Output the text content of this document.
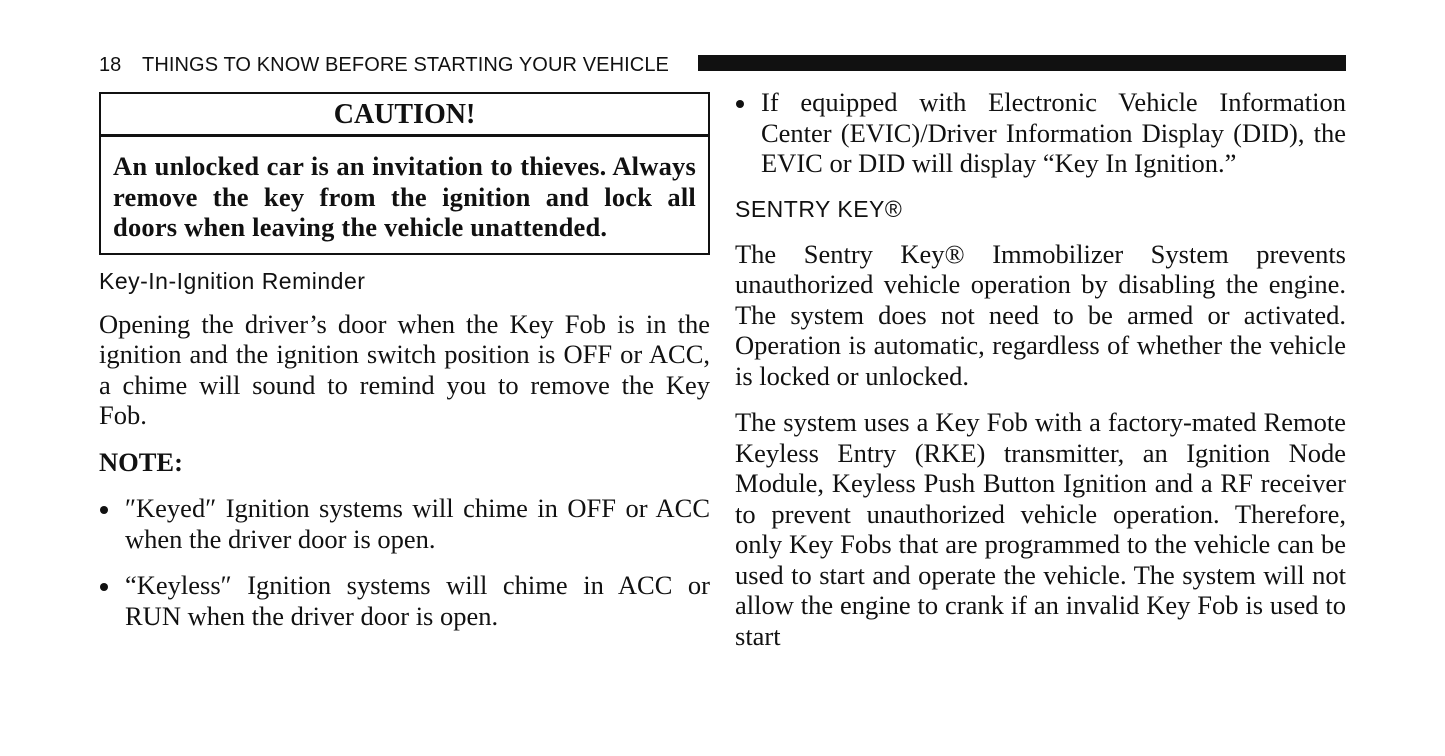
18 THINGS TO KNOW BEFORE STARTING YOUR VEHICLE
CAUTION!
An unlocked car is an invitation to thieves. Always remove the key from the ignition and lock all doors when leaving the vehicle unattended.
Key-In-Ignition Reminder

Opening the driver’s door when the Key Fob is in the ignition and the ignition switch position is OFF or ACC, a chime will sound to remind you to remove the Key Fob.

NOTE:
″Keyed″ Ignition systems will chime in OFF or ACC when the driver door is open.
“Keyless″ Ignition systems will chime in ACC or RUN when the driver door is open.
If equipped with Electronic Vehicle Information Center (EVIC)/Driver Information Display (DID), the EVIC or DID will display “Key In Ignition.”
SENTRY KEY®

The Sentry Key® Immobilizer System prevents unauthorized vehicle operation by disabling the engine. The system does not need to be armed or activated. Operation is automatic, regardless of whether the vehicle is locked or unlocked.

The system uses a Key Fob with a factory-mated Remote Keyless Entry (RKE) transmitter, an Ignition Node Module, Keyless Push Button Ignition and a RF receiver to prevent unauthorized vehicle operation. Therefore, only Key Fobs that are programmed to the vehicle can be used to start and operate the vehicle. The system will not allow the engine to crank if an invalid Key Fob is used to start
